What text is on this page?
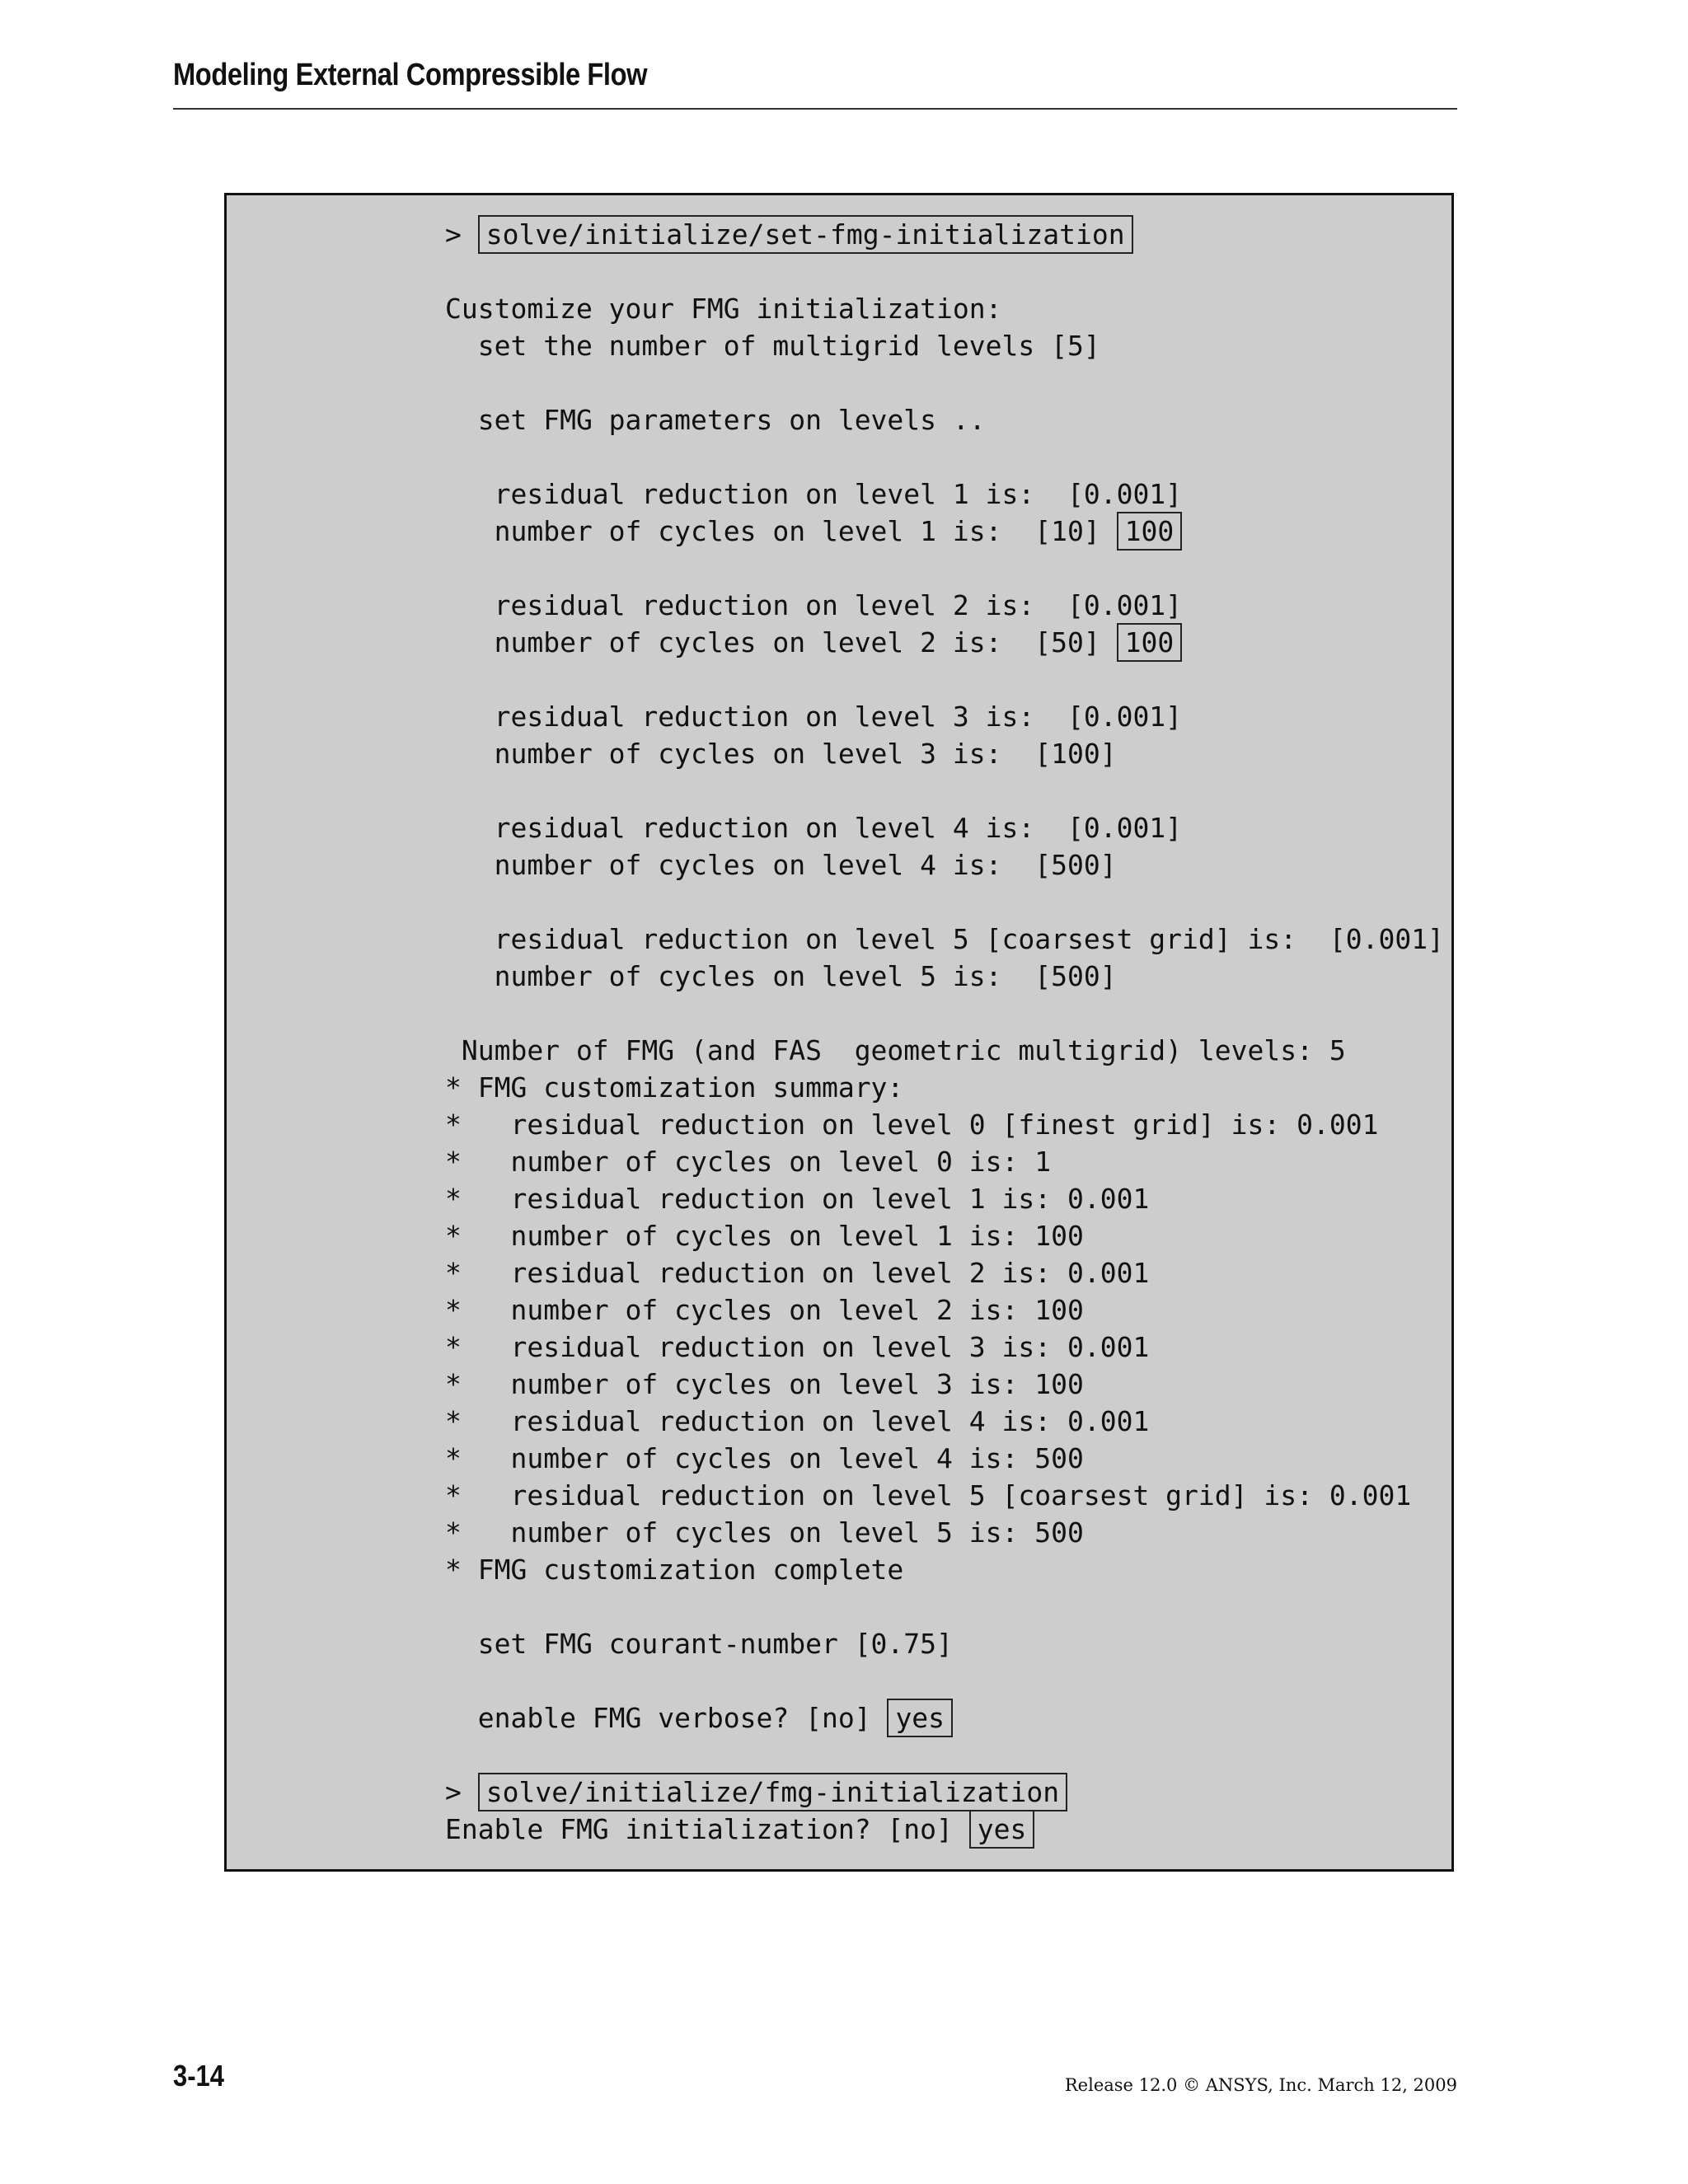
Modeling External Compressible Flow
> solve/initialize/set-fmg-initialization
Customize your FMG initialization:
set the number of multigrid levels [5]
set FMG parameters on levels ..
residual reduction on level 1 is:  [0.001]
number of cycles on level 1 is:  [10] 100
residual reduction on level 2 is:  [0.001]
number of cycles on level 2 is:  [50] 100
residual reduction on level 3 is:  [0.001]
number of cycles on level 3 is:  [100]
residual reduction on level 4 is:  [0.001]
number of cycles on level 4 is:  [500]
residual reduction on level 5 [coarsest grid] is:  [0.001]
number of cycles on level 5 is:  [500]
Number of FMG (and FAS  geometric multigrid) levels: 5
* FMG customization summary:
*   residual reduction on level 0 [finest grid] is: 0.001
*   number of cycles on level 0 is: 1
*   residual reduction on level 1 is: 0.001
*   number of cycles on level 1 is: 100
*   residual reduction on level 2 is: 0.001
*   number of cycles on level 2 is: 100
*   residual reduction on level 3 is: 0.001
*   number of cycles on level 3 is: 100
*   residual reduction on level 4 is: 0.001
*   number of cycles on level 4 is: 500
*   residual reduction on level 5 [coarsest grid] is: 0.001
*   number of cycles on level 5 is: 500
* FMG customization complete
set FMG courant-number [0.75]
enable FMG verbose? [no] yes
> solve/initialize/fmg-initialization
Enable FMG initialization? [no] yes
3-14	Release 12.0 © ANSYS, Inc. March 12, 2009
